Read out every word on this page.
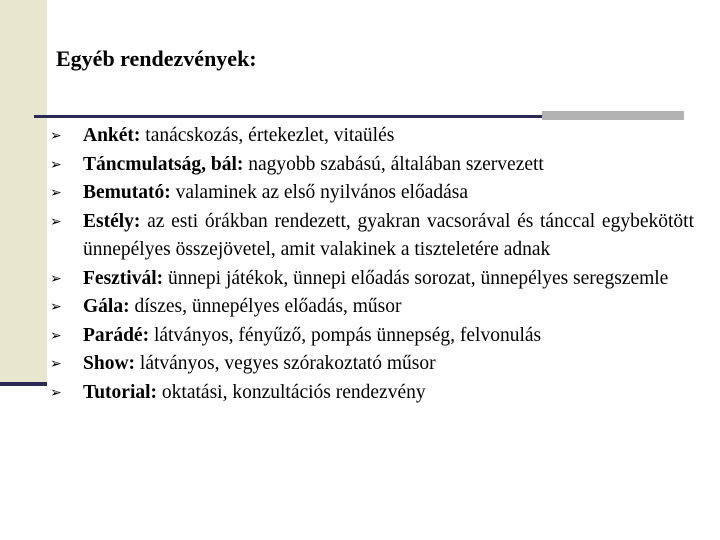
Egyéb rendezvények:
➢ Ankét: tanácskozás, értekezlet, vitaülés
➢ Táncmulatság, bál: nagyobb szabású, általában szervezett
➢ Bemutató: valaminek az első nyilvános előadása
➢ Estély: az esti órákban rendezett, gyakran vacsorával és tánccal egybekötött ünnepélyes összejövetel, amit valakinek a tiszteletére adnak
➢ Fesztivál: ünnepi játékok, ünnepi előadás sorozat, ünnepélyes seregszemle
➢ Gála: díszes, ünnepélyes előadás, műsor
➢ Parádé: látványos, fényűző, pompás ünnepség, felvonulás
➢ Show: látványos, vegyes szórakoztató műsor
➢ Tutorial: oktatási, konzultációs rendezvény
